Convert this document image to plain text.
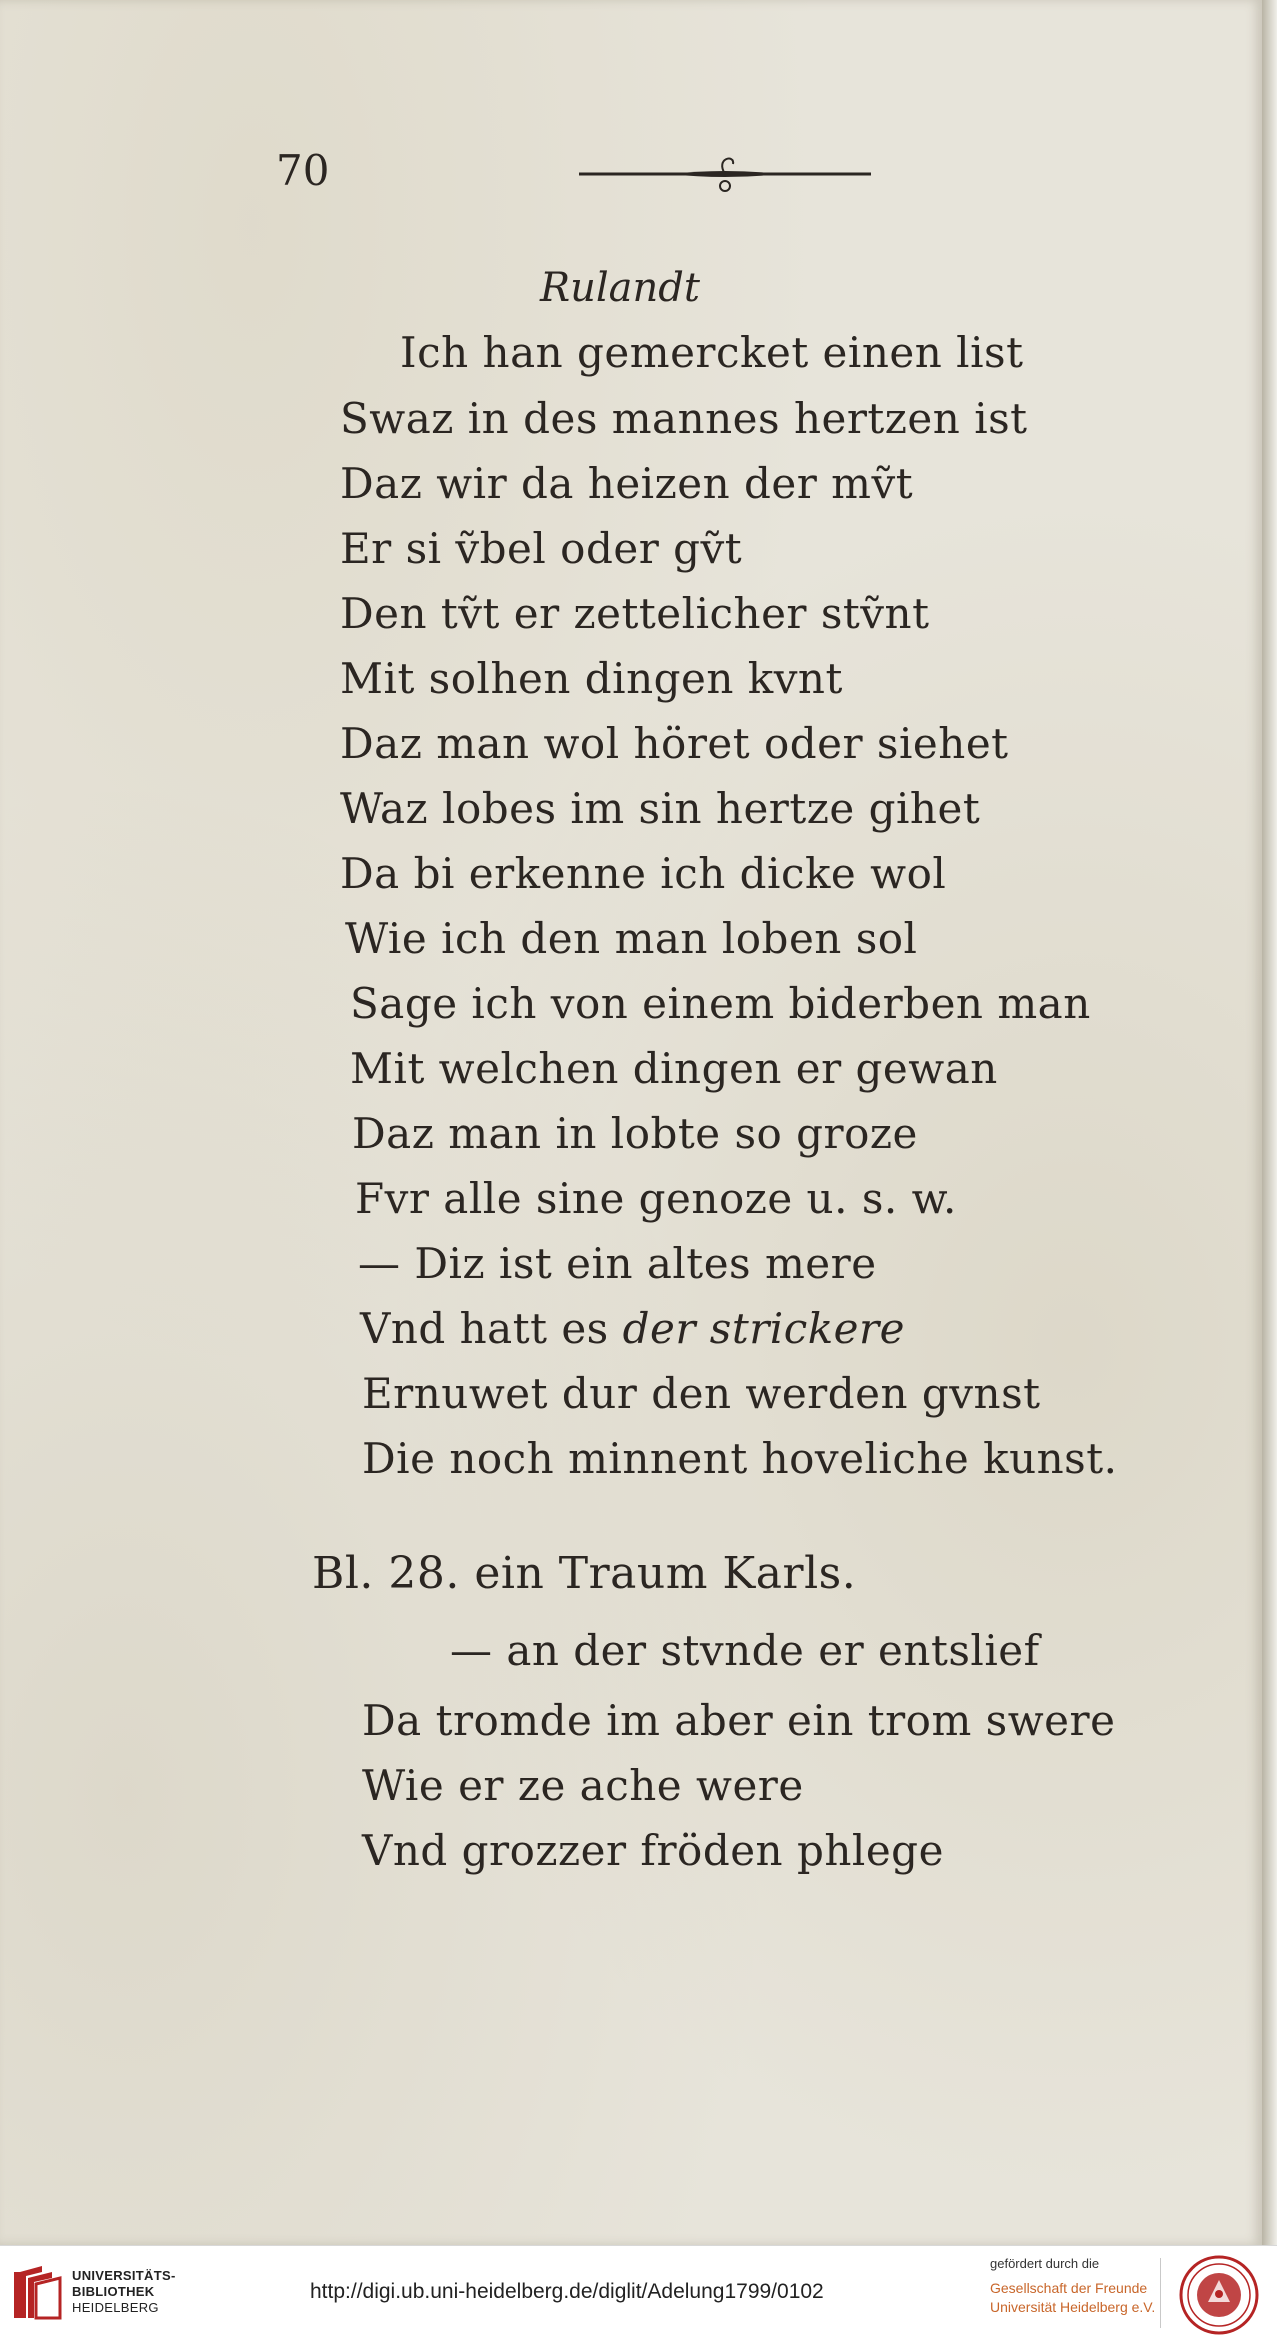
70
Rulandt
Ich han gemercket einen list
Swaz in des mannes hertzen ist
Daz wir da heizen der mṽt
Er si ṽbel oder gṽt
Den tṽt er zettelicher stṽnt
Mit solhen dingen kvnt
Daz man wol höret oder siehet
Waz lobes im sin hertze gihet
Da bi erkenne ich dicke wol
Wie ich den man loben sol
Sage ich von einem biderben man
Mit welchen dingen er gewan
Daz man in lobte so groze
Fvr alle sine genoze u. s. w.
— Diz ist ein altes mere
Vnd hatt es der strickere
Ernuwet dur den werden gvnst
Die noch minnent hoveliche kunst.
Bl. 28. ein Traum Karls.
— an der stvnde er entslief
Da tromde im aber ein trom swere
Wie er ze ache were
Vnd grozzer fröden phlege
UNIVERSITÄTS-
BIBLIOTHEK
HEIDELBERG
http://digi.ub.uni-heidelberg.de/diglit/Adelung1799/0102
gefördert durch die
Gesellschaft der Freunde
Universität Heidelberg e.V.
